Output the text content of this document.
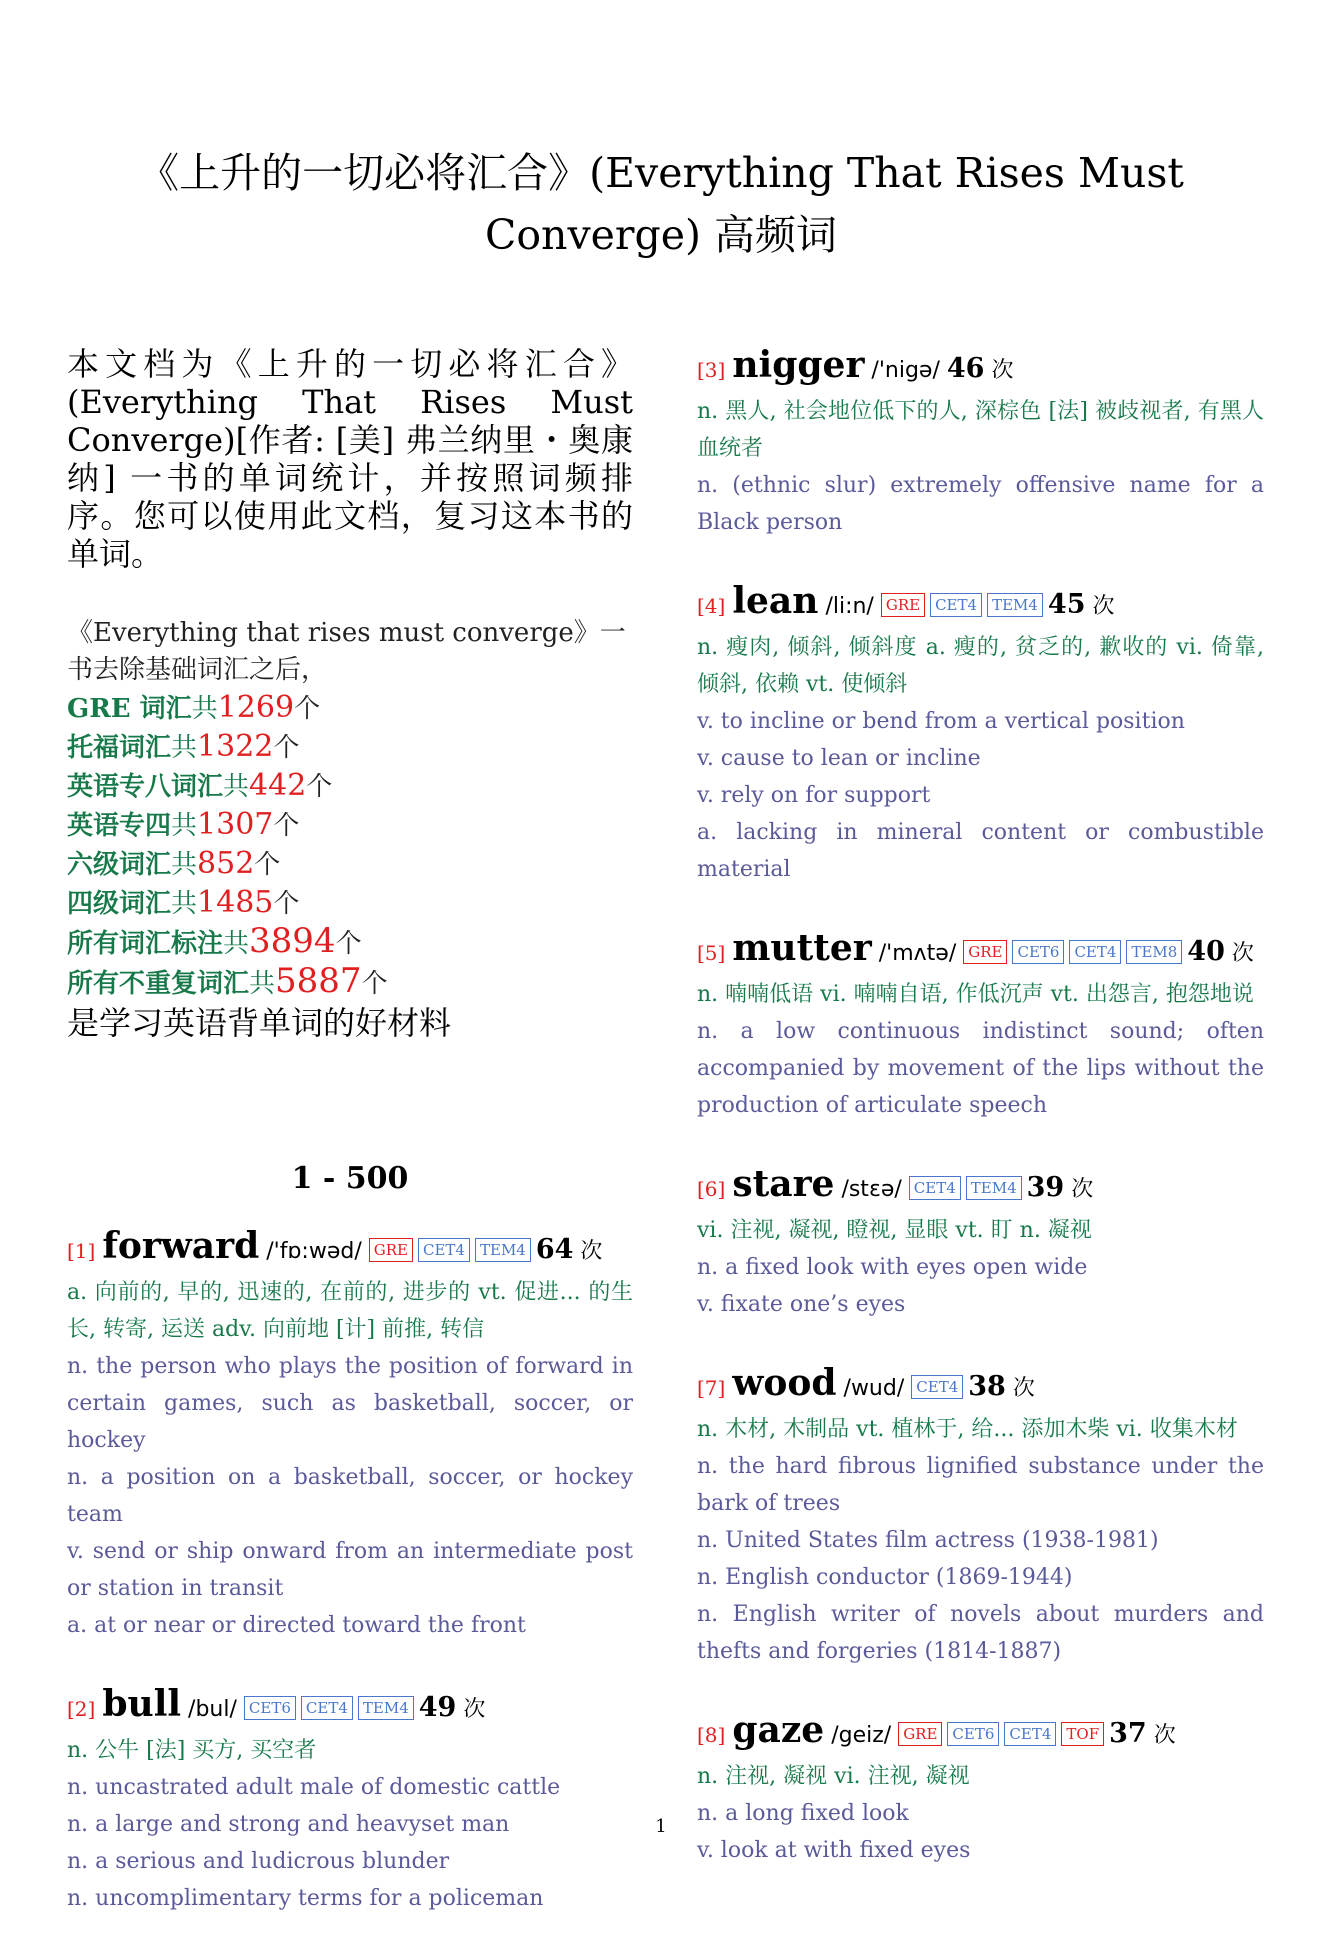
《上升的一切必将汇合》(Everything That Rises Must Converge) 高频词

本文档为《上升的一切必将汇合》(Everything That Rises Must Converge)[作者: [美] 弗兰纳里・奥康纳] 一书的单词统计，并按照词频排序。您可以使用此文档，复习这本书的单词。

《Everything that rises must converge》一书去除基础词汇之后，
GRE 词汇共1269个
托福词汇共1322个
英语专八词汇共442个
英语专四共1307个
六级词汇共852个
四级词汇共1485个
所有词汇标注共3894个
所有不重复词汇共5887个
是学习英语背单词的好材料
1 - 500
[1] forward /'fɒ:wəd/ GRE CET4 TEM4 64 次

a. 向前的, 早的, 迅速的, 在前的, 进步的 vt. 促进... 的生长, 转寄, 运送 adv. 向前地 [计] 前推, 转信

n. the person who plays the position of forward in certain games, such as basketball, soccer, or hockey

n. a position on a basketball, soccer, or hockey team

v. send or ship onward from an intermediate post or station in transit

a. at or near or directed toward the front

[2] bull /bul/ CET6 CET4 TEM4 49 次

n. 公牛 [法] 买方, 买空者

n. uncastrated adult male of domestic cattle

n. a large and strong and heavyset man

n. a serious and ludicrous blunder

n. uncomplimentary terms for a policeman

[3] nigger /'nigə/ 46 次

n. 黑人, 社会地位低下的人, 深棕色 [法] 被歧视者, 有黑人血统者

n. (ethnic slur) extremely offensive name for a Black person

[4] lean /li:n/ GRE CET4 TEM4 45 次

n. 瘦肉, 倾斜, 倾斜度 a. 瘦的, 贫乏的, 歉收的 vi. 倚靠, 倾斜, 依赖 vt. 使倾斜

v. to incline or bend from a vertical position

v. cause to lean or incline

v. rely on for support

a. lacking in mineral content or combustible material

[5] mutter /'mʌtə/ GRE CET6 CET4 TEM8 40 次

n. 喃喃低语 vi. 喃喃自语, 作低沉声 vt. 出怨言, 抱怨地说

n. a low continuous indistinct sound; often accompanied by movement of the lips without the production of articulate speech

[6] stare /stɛə/ CET4 TEM4 39 次

vi. 注视, 凝视, 瞪视, 显眼 vt. 盯 n. 凝视

n. a fixed look with eyes open wide

v. fixate one’s eyes

[7] wood /wud/ CET4 38 次

n. 木材, 木制品 vt. 植林于, 给... 添加木柴 vi. 收集木材

n. the hard fibrous lignified substance under the bark of trees

n. United States film actress (1938-1981)

n. English conductor (1869-1944)

n. English writer of novels about murders and thefts and forgeries (1814-1887)

[8] gaze /geiz/ GRE CET6 CET4 TOF 37 次

n. 注视, 凝视 vi. 注视, 凝视

n. a long fixed look

v. look at with fixed eyes

1
